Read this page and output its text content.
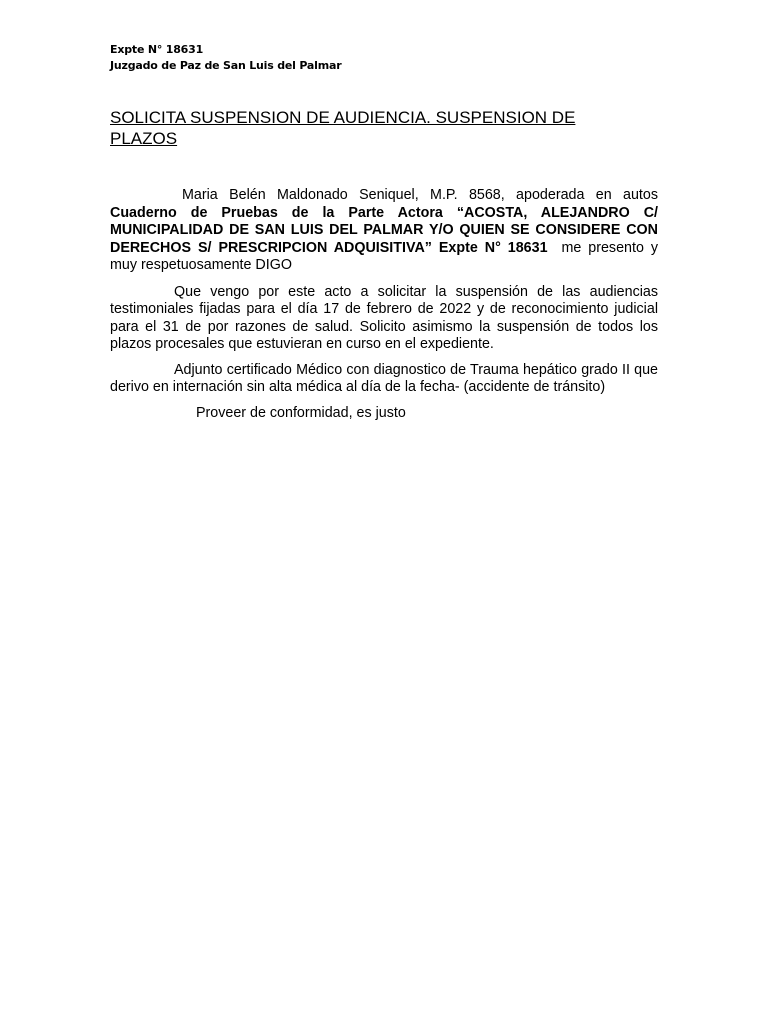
Expte N° 18631
Juzgado de Paz de San Luis del Palmar
SOLICITA SUSPENSION DE AUDIENCIA. SUSPENSION DE
PLAZOS

Maria Belén Maldonado Seniquel, M.P. 8568, apoderada en autos Cuaderno de Pruebas de la Parte Actora “ACOSTA, ALEJANDRO C/ MUNICIPALIDAD DE SAN LUIS DEL PALMAR Y/O QUIEN SE CONSIDERE CON DERECHOS S/ PRESCRIPCION ADQUISITIVA” Expte N° 18631  me presento y muy respetuosamente DIGO

Que vengo por este acto a solicitar la suspensión de las audiencias testimoniales fijadas para el día 17 de febrero de 2022 y de reconocimiento judicial para el 31 de por razones de salud. Solicito asimismo la suspensión de todos los plazos procesales que estuvieran en curso en el expediente.

Adjunto certificado Médico con diagnostico de Trauma hepático grado II que derivo en internación sin alta médica al día de la fecha- (accidente de tránsito)

Proveer de conformidad, es justo
